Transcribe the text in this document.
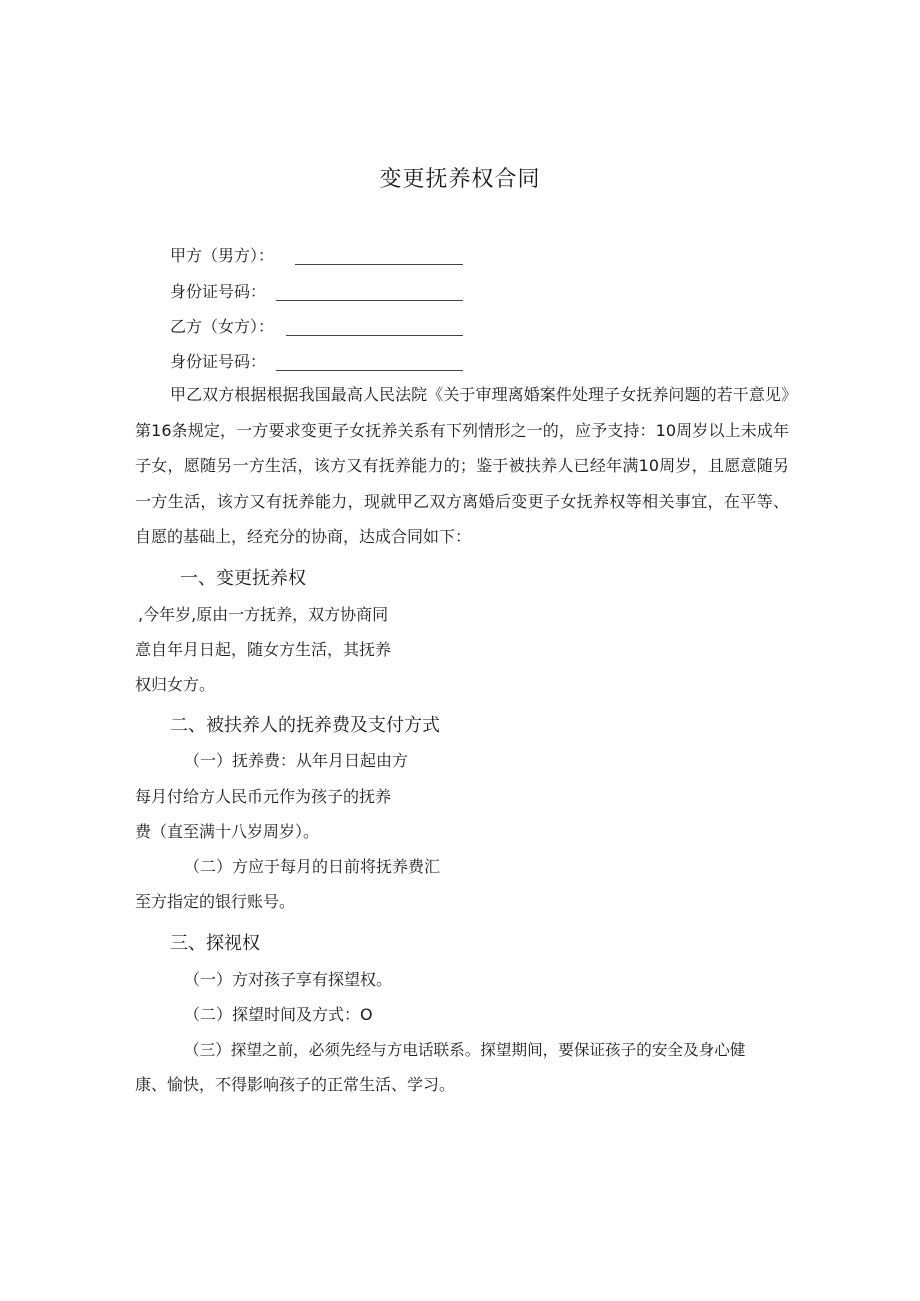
变更抚养权合同
甲方（男方）：
身份证号码：
乙方（女方）：
身份证号码：
甲乙双方根据根据我国最高人民法院《关于审理离婚案件处理子女抚养问题的若干意见》第16条规定，一方要求变更子女抚养关系有下列情形之一的，应予支持：10周岁以上未成年子女，愿随另一方生活，该方又有抚养能力的；鉴于被扶养人已经年满10周岁，且愿意随另一方生活，该方又有抚养能力，现就甲乙双方离婚后变更子女抚养权等相关事宜，在平等、自愿的基础上，经充分的协商，达成合同如下：
一、变更抚养权
,今年岁,原由一方抚养，双方协商同
意自年月日起，随女方生活，其抚养
权归女方。
二、被扶养人的抚养费及支付方式
（一）抚养费：从年月日起由方
每月付给方人民币元作为孩子的抚养
费（直至满十八岁周岁）。
（二）方应于每月的日前将抚养费汇
至方指定的银行账号。
三、探视权
（一）方对孩子享有探望权。
（二）探望时间及方式：O
（三）探望之前，必须先经与方电话联系。探望期间，要保证孩子的安全及身心健
康、愉快，不得影响孩子的正常生活、学习。
